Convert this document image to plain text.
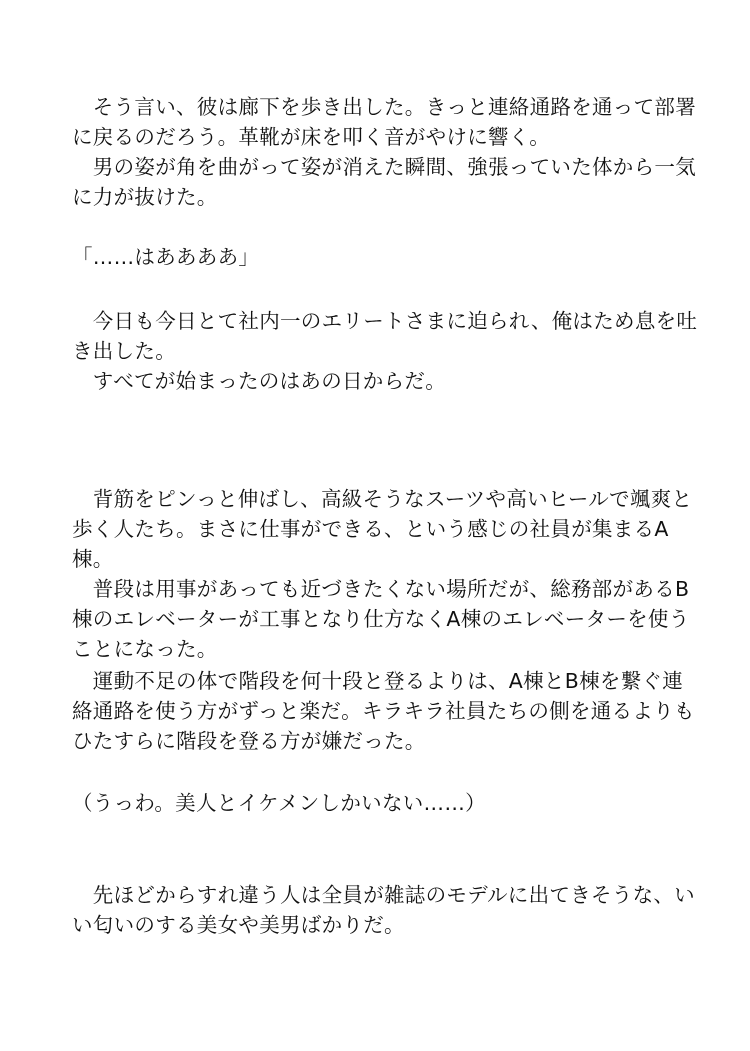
　そう言い、彼は廊下を歩き出した。きっと連絡通路を通って部署
に戻るのだろう。革靴が床を叩く音がやけに響く。
　男の姿が角を曲がって姿が消えた瞬間、強張っていた体から一気
に力が抜けた。
「……はああああ」
　今日も今日とて社内一のエリートさまに迫られ、俺はため息を吐
き出した。
　すべてが始まったのはあの日からだ。
　背筋をピンっと伸ばし、高級そうなスーツや高いヒールで颯爽と
歩く人たち。まさに仕事ができる、という感じの社員が集まるA
棟。
　普段は用事があっても近づきたくない場所だが、総務部があるB
棟のエレベーターが工事となり仕方なくA棟のエレベーターを使う
ことになった。
　運動不足の体で階段を何十段と登るよりは、A棟とB棟を繋ぐ連
絡通路を使う方がずっと楽だ。キラキラ社員たちの側を通るよりも
ひたすらに階段を登る方が嫌だった。
（うっわ。美人とイケメンしかいない……）
　先ほどからすれ違う人は全員が雑誌のモデルに出てきそうな、い
い匂いのする美女や美男ばかりだ。
